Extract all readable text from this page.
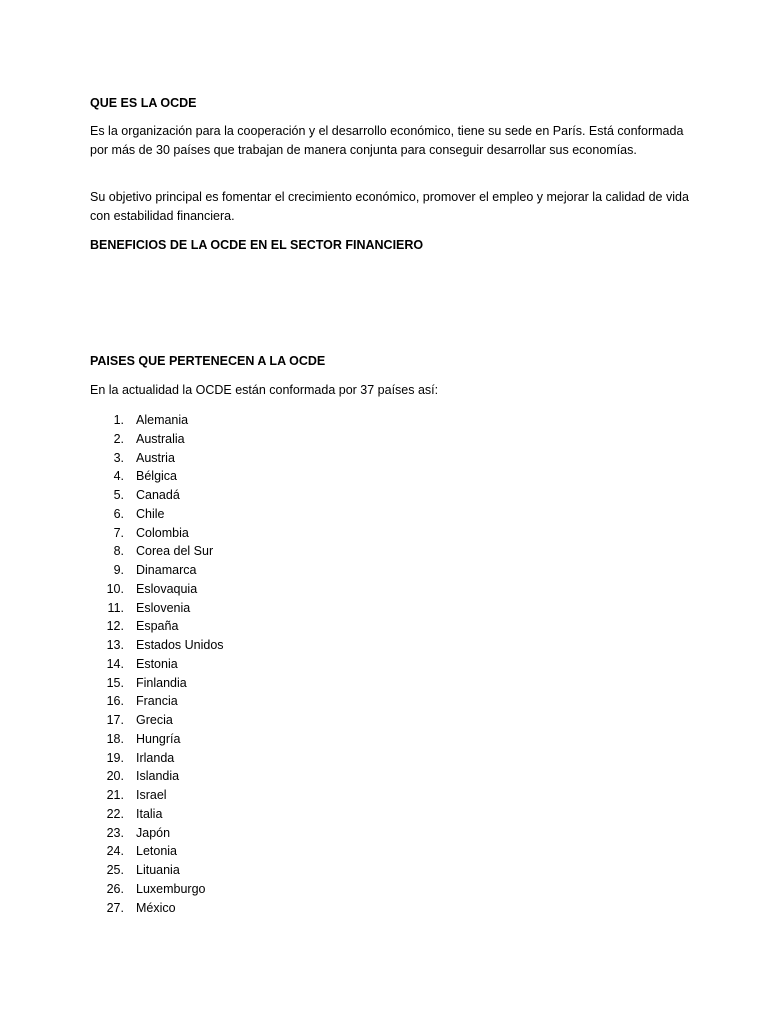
QUE ES LA OCDE

Es la organización para la cooperación y el desarrollo económico, tiene su sede en París. Está conformada por más de 30 países que trabajan de manera conjunta para conseguir desarrollar sus economías.

Su objetivo principal es fomentar el crecimiento económico, promover el empleo y mejorar la calidad de vida con estabilidad financiera.

BENEFICIOS DE LA OCDE EN EL SECTOR FINANCIERO

PAISES QUE PERTENECEN A LA OCDE

En la actualidad la OCDE están conformada por 37 países así:

1. Alemania
2. Australia
3. Austria
4. Bélgica
5. Canadá
6. Chile
7. Colombia
8. Corea del Sur
9. Dinamarca
10. Eslovaquia
11. Eslovenia
12. España
13. Estados Unidos
14. Estonia
15. Finlandia
16. Francia
17. Grecia
18. Hungría
19. Irlanda
20. Islandia
21. Israel
22. Italia
23. Japón
24. Letonia
25. Lituania
26. Luxemburgo
27. México
